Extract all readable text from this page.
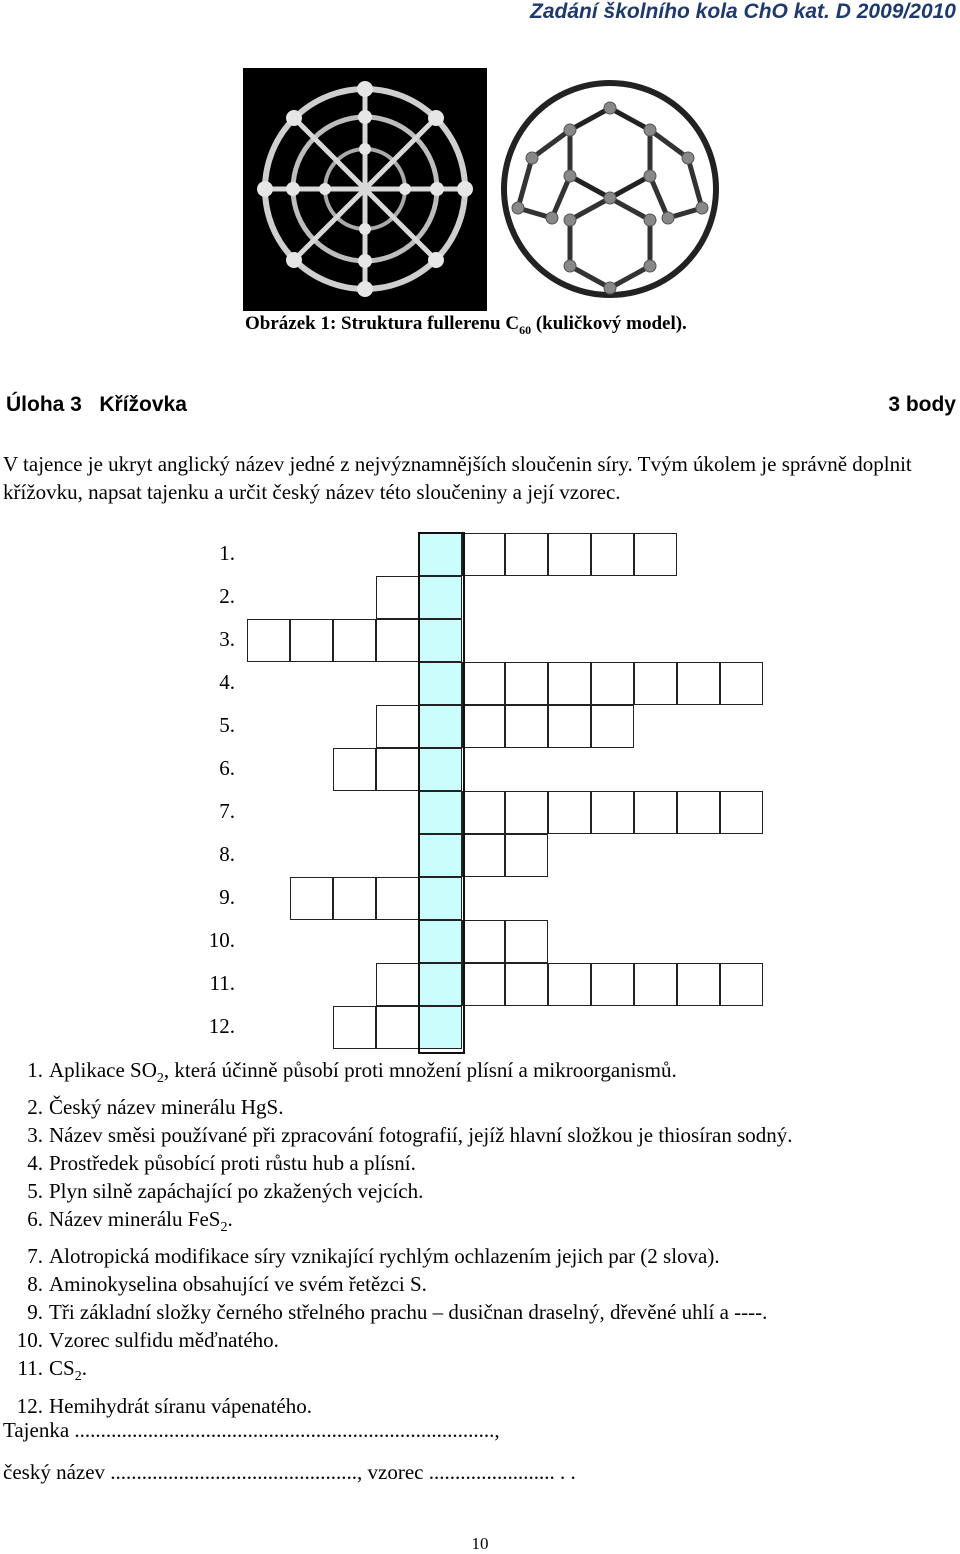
Zadání školního kola ChO kat. D 2009/2010
Obrázek 1: Struktura fullerenu $C_{60}$ (kuličkový model).
Úloha 3   Křížovka	3 body
V tajence je ukryt anglický název jedné z nejvýznamnějších sloučenin síry. Tvým úkolem je správně doplnit křížovku, napsat tajenku a určit český název této sloučeniny a její vzorec.
1.
2.
3.
4.
5.
6.
7.
8.
9.
10.
11.
12.
1. Aplikace $SO_2$, která účinně působí proti množení plísní a mikroorganismů.
2. Český název minerálu HgS.
3. Název směsi používané při zpracování fotografií, jejíž hlavní složkou je thiosíran sodný.
4. Prostředek působící proti růstu hub a plísní.
5. Plyn silně zapáchající po zkažených vejcích.
6. Název minerálu FeS$_2$.
7. Alotropická modifikace síry vznikající rychlým ochlazením jejich par (2 slova).
8. Aminokyselina obsahující ve svém řetězci S.
9. Tři základní složky černého střelného prachu – dusičnan draselný, dřevěné uhlí a ----.
10. Vzorec sulfidu měďnatého.
11. $CS_2$.
12. Hemihydrát síranu vápenatého.
Tajenka ................................................................................,
český název ..............................................., vzorec ........................ . .
10
